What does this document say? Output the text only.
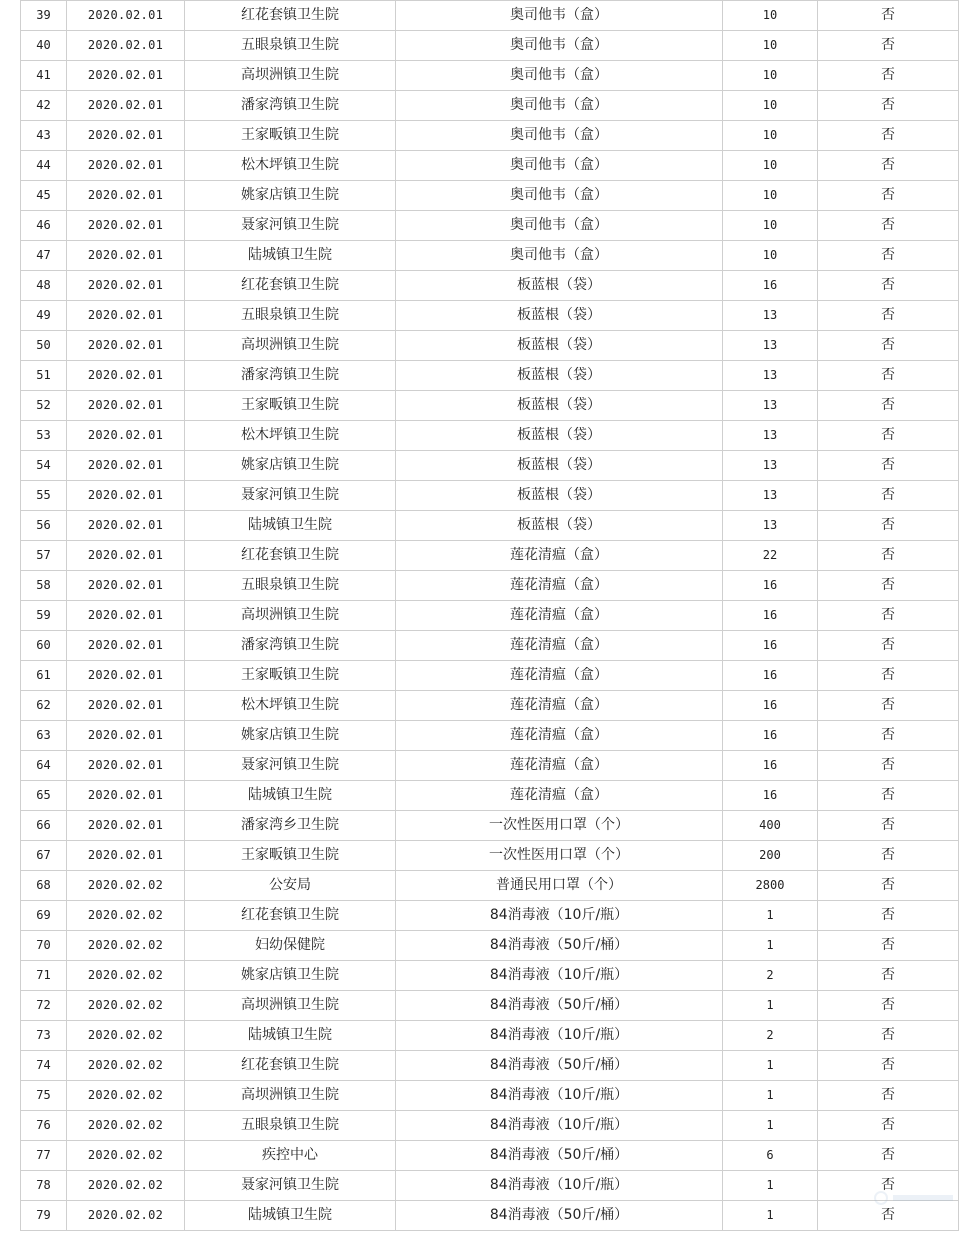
39	2020.02.01	红花套镇卫生院	奥司他韦（盒）	10	否
40	2020.02.01	五眼泉镇卫生院	奥司他韦（盒）	10	否
41	2020.02.01	高坝洲镇卫生院	奥司他韦（盒）	10	否
42	2020.02.01	潘家湾镇卫生院	奥司他韦（盒）	10	否
43	2020.02.01	王家畈镇卫生院	奥司他韦（盒）	10	否
44	2020.02.01	松木坪镇卫生院	奥司他韦（盒）	10	否
45	2020.02.01	姚家店镇卫生院	奥司他韦（盒）	10	否
46	2020.02.01	聂家河镇卫生院	奥司他韦（盒）	10	否
47	2020.02.01	陆城镇卫生院	奥司他韦（盒）	10	否
48	2020.02.01	红花套镇卫生院	板蓝根（袋）	16	否
49	2020.02.01	五眼泉镇卫生院	板蓝根（袋）	13	否
50	2020.02.01	高坝洲镇卫生院	板蓝根（袋）	13	否
51	2020.02.01	潘家湾镇卫生院	板蓝根（袋）	13	否
52	2020.02.01	王家畈镇卫生院	板蓝根（袋）	13	否
53	2020.02.01	松木坪镇卫生院	板蓝根（袋）	13	否
54	2020.02.01	姚家店镇卫生院	板蓝根（袋）	13	否
55	2020.02.01	聂家河镇卫生院	板蓝根（袋）	13	否
56	2020.02.01	陆城镇卫生院	板蓝根（袋）	13	否
57	2020.02.01	红花套镇卫生院	莲花清瘟（盒）	22	否
58	2020.02.01	五眼泉镇卫生院	莲花清瘟（盒）	16	否
59	2020.02.01	高坝洲镇卫生院	莲花清瘟（盒）	16	否
60	2020.02.01	潘家湾镇卫生院	莲花清瘟（盒）	16	否
61	2020.02.01	王家畈镇卫生院	莲花清瘟（盒）	16	否
62	2020.02.01	松木坪镇卫生院	莲花清瘟（盒）	16	否
63	2020.02.01	姚家店镇卫生院	莲花清瘟（盒）	16	否
64	2020.02.01	聂家河镇卫生院	莲花清瘟（盒）	16	否
65	2020.02.01	陆城镇卫生院	莲花清瘟（盒）	16	否
66	2020.02.01	潘家湾乡卫生院	一次性医用口罩（个）	400	否
67	2020.02.01	王家畈镇卫生院	一次性医用口罩（个）	200	否
68	2020.02.02	公安局	普通民用口罩（个）	2800	否
69	2020.02.02	红花套镇卫生院	84消毒液（10斤/瓶）	1	否
70	2020.02.02	妇幼保健院	84消毒液（50斤/桶）	1	否
71	2020.02.02	姚家店镇卫生院	84消毒液（10斤/瓶）	2	否
72	2020.02.02	高坝洲镇卫生院	84消毒液（50斤/桶）	1	否
73	2020.02.02	陆城镇卫生院	84消毒液（10斤/瓶）	2	否
74	2020.02.02	红花套镇卫生院	84消毒液（50斤/桶）	1	否
75	2020.02.02	高坝洲镇卫生院	84消毒液（10斤/瓶）	1	否
76	2020.02.02	五眼泉镇卫生院	84消毒液（10斤/瓶）	1	否
77	2020.02.02	疾控中心	84消毒液（50斤/桶）	6	否
78	2020.02.02	聂家河镇卫生院	84消毒液（10斤/瓶）	1	否
79	2020.02.02	陆城镇卫生院	84消毒液（50斤/桶）	1	否
